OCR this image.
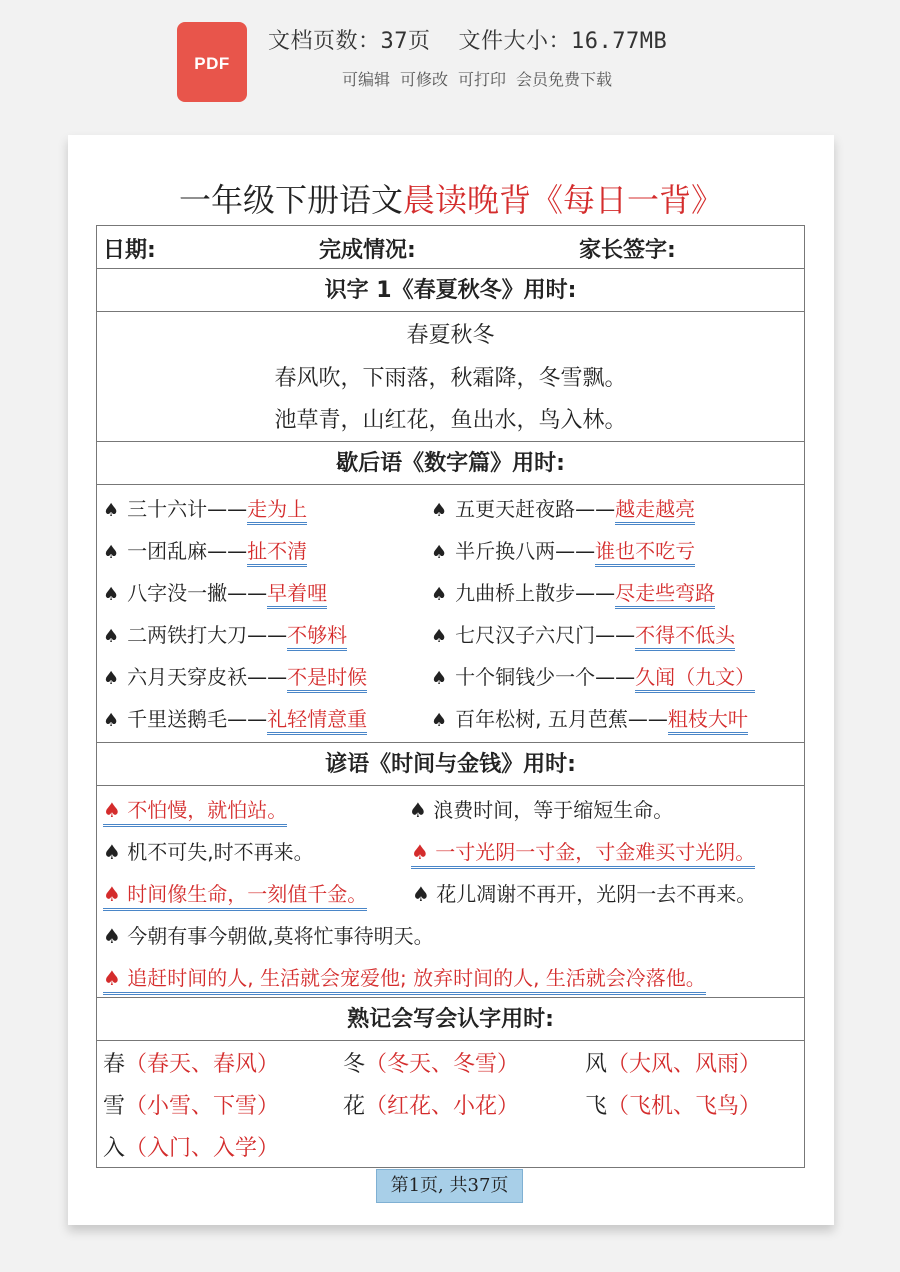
PDF
文档页数：37页 文件大小：16.77MB
可编辑 可修改 可打印 会员免费下载
一年级下册语文晨读晚背《每日一背》
日期:	完成情况:	家长签字:
识字 1《春夏秋冬》用时:
春夏秋冬
春风吹，下雨落，秋霜降，冬雪飘。
池草青，山红花，鱼出水，鸟入林。
歇后语《数字篇》用时:
♠ 三十六计——走为上	♠ 五更天赶夜路——越走越亮
♠ 一团乱麻——扯不清	♠ 半斤换八两——谁也不吃亏
♠ 八字没一撇——早着哩	♠ 九曲桥上散步——尽走些弯路
♠ 二两铁打大刀——不够料	♠ 七尺汉子六尺门——不得不低头
♠ 六月天穿皮袄——不是时候	♠ 十个铜钱少一个——久闻（九文）
♠ 千里送鹅毛——礼轻情意重	♠ 百年松树, 五月芭蕉——粗枝大叶
谚语《时间与金钱》用时:
♠ 不怕慢，就怕站。	♠ 浪费时间，等于缩短生命。
♠ 机不可失,时不再来。	♠ 一寸光阴一寸金，寸金难买寸光阴。
♠ 时间像生命，一刻值千金。 ♠ 花儿凋谢不再开，光阴一去不再来。
♠ 今朝有事今朝做,莫将忙事待明天。
♠ 追赶时间的人, 生活就会宠爱他; 放弃时间的人, 生活就会冷落他。
熟记会写会认字用时:
春（春天、春风）	冬（冬天、冬雪）	风（大风、风雨）
雪（小雪、下雪）	花（红花、小花）	飞（飞机、飞鸟）
入（入门、入学）
第1页, 共37页
